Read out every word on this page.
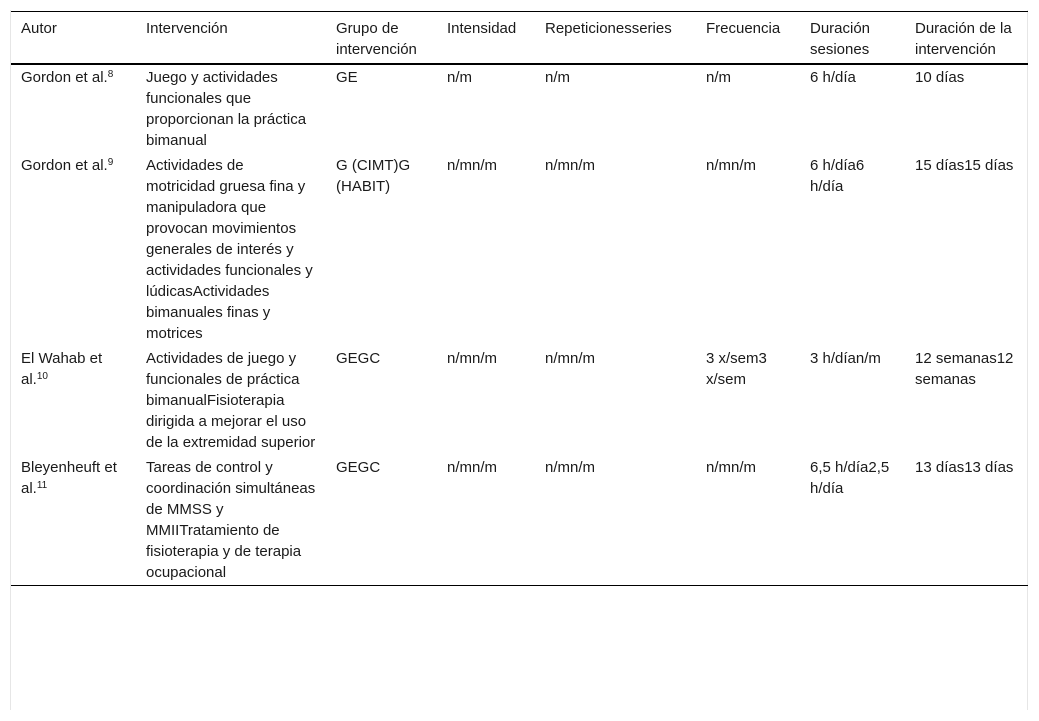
Autor	Intervención	Grupo de intervención	Intensidad	Repeticionesseries	Frecuencia	Duración sesiones	Duración de la intervención
Gordon et al.$^8$	Juego y actividades funcionales que proporcionan la práctica bimanual	GE	n/m	n/m	n/m	6 h/día	10 días
Gordon et al.$^9$	Actividades de motricidad gruesa fina y manipuladora que provocan movimientos generales de interés y actividades funcionales y lúdicasActividades bimanuales finas y motrices	G (CIMT)G (HABIT)	n/mn/m	n/mn/m	n/mn/m	6 h/día6 h/día	15 días15 días
El Wahab et al.$^{10}$	Actividades de juego y funcionales de práctica bimanualFisioterapia dirigida a mejorar el uso de la extremidad superior	GEGC	n/mn/m	n/mn/m	3 x/sem3 x/sem	3 h/dían/m	12 semanas12 semanas
Bleyenheuft et al.$^{11}$	Tareas de control y coordinación simultáneas de MMSS y MMIITratamiento de fisioterapia y de terapia ocupacional	GEGC	n/mn/m	n/mn/m	n/mn/m	6,5 h/día2,5 h/día	13 días13 días
